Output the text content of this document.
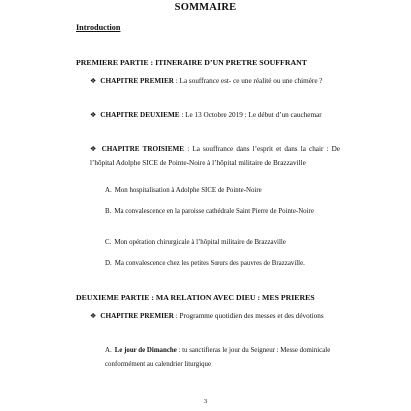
SOMMAIRE
Introduction
PREMIERE PARTIE : ITINERAIRE D’UN PRETRE SOUFFRANT
❖ CHAPITRE PREMIER : La souffrance est- ce une réalité ou une chimère ?
❖ CHAPITRE DEUXIEME : Le 13 Octobre 2019 : Le début d’un cauchemar
❖ CHAPITRE TROISIEME : La souffrance dans l’esprit et dans la chair : De l’hôpital Adolphe SICE de Pointe-Noire à l’hôpital militaire de Brazzaville
A. Mon hospitalisation à Adolphe SICE de Pointe-Noire
B. Ma convalescence en la paroisse cathédrale Saint Pierre de Pointe-Noire
C. Mon opération chirurgicale à l’hôpital militaire de Brazzaville
D. Ma convalescence chez les petites Sœurs des pauvres de Brazzaville.
DEUXIEME PARTIE : MA RELATION AVEC DIEU : MES PRIERES
❖ CHAPITRE PREMIER : Programme quotidien des messes et des dévotions
A. Le jour de Dimanche : tu sanctifieras le jour du Seigneur : Messe dominicale conformément au calendrier liturgique
3
